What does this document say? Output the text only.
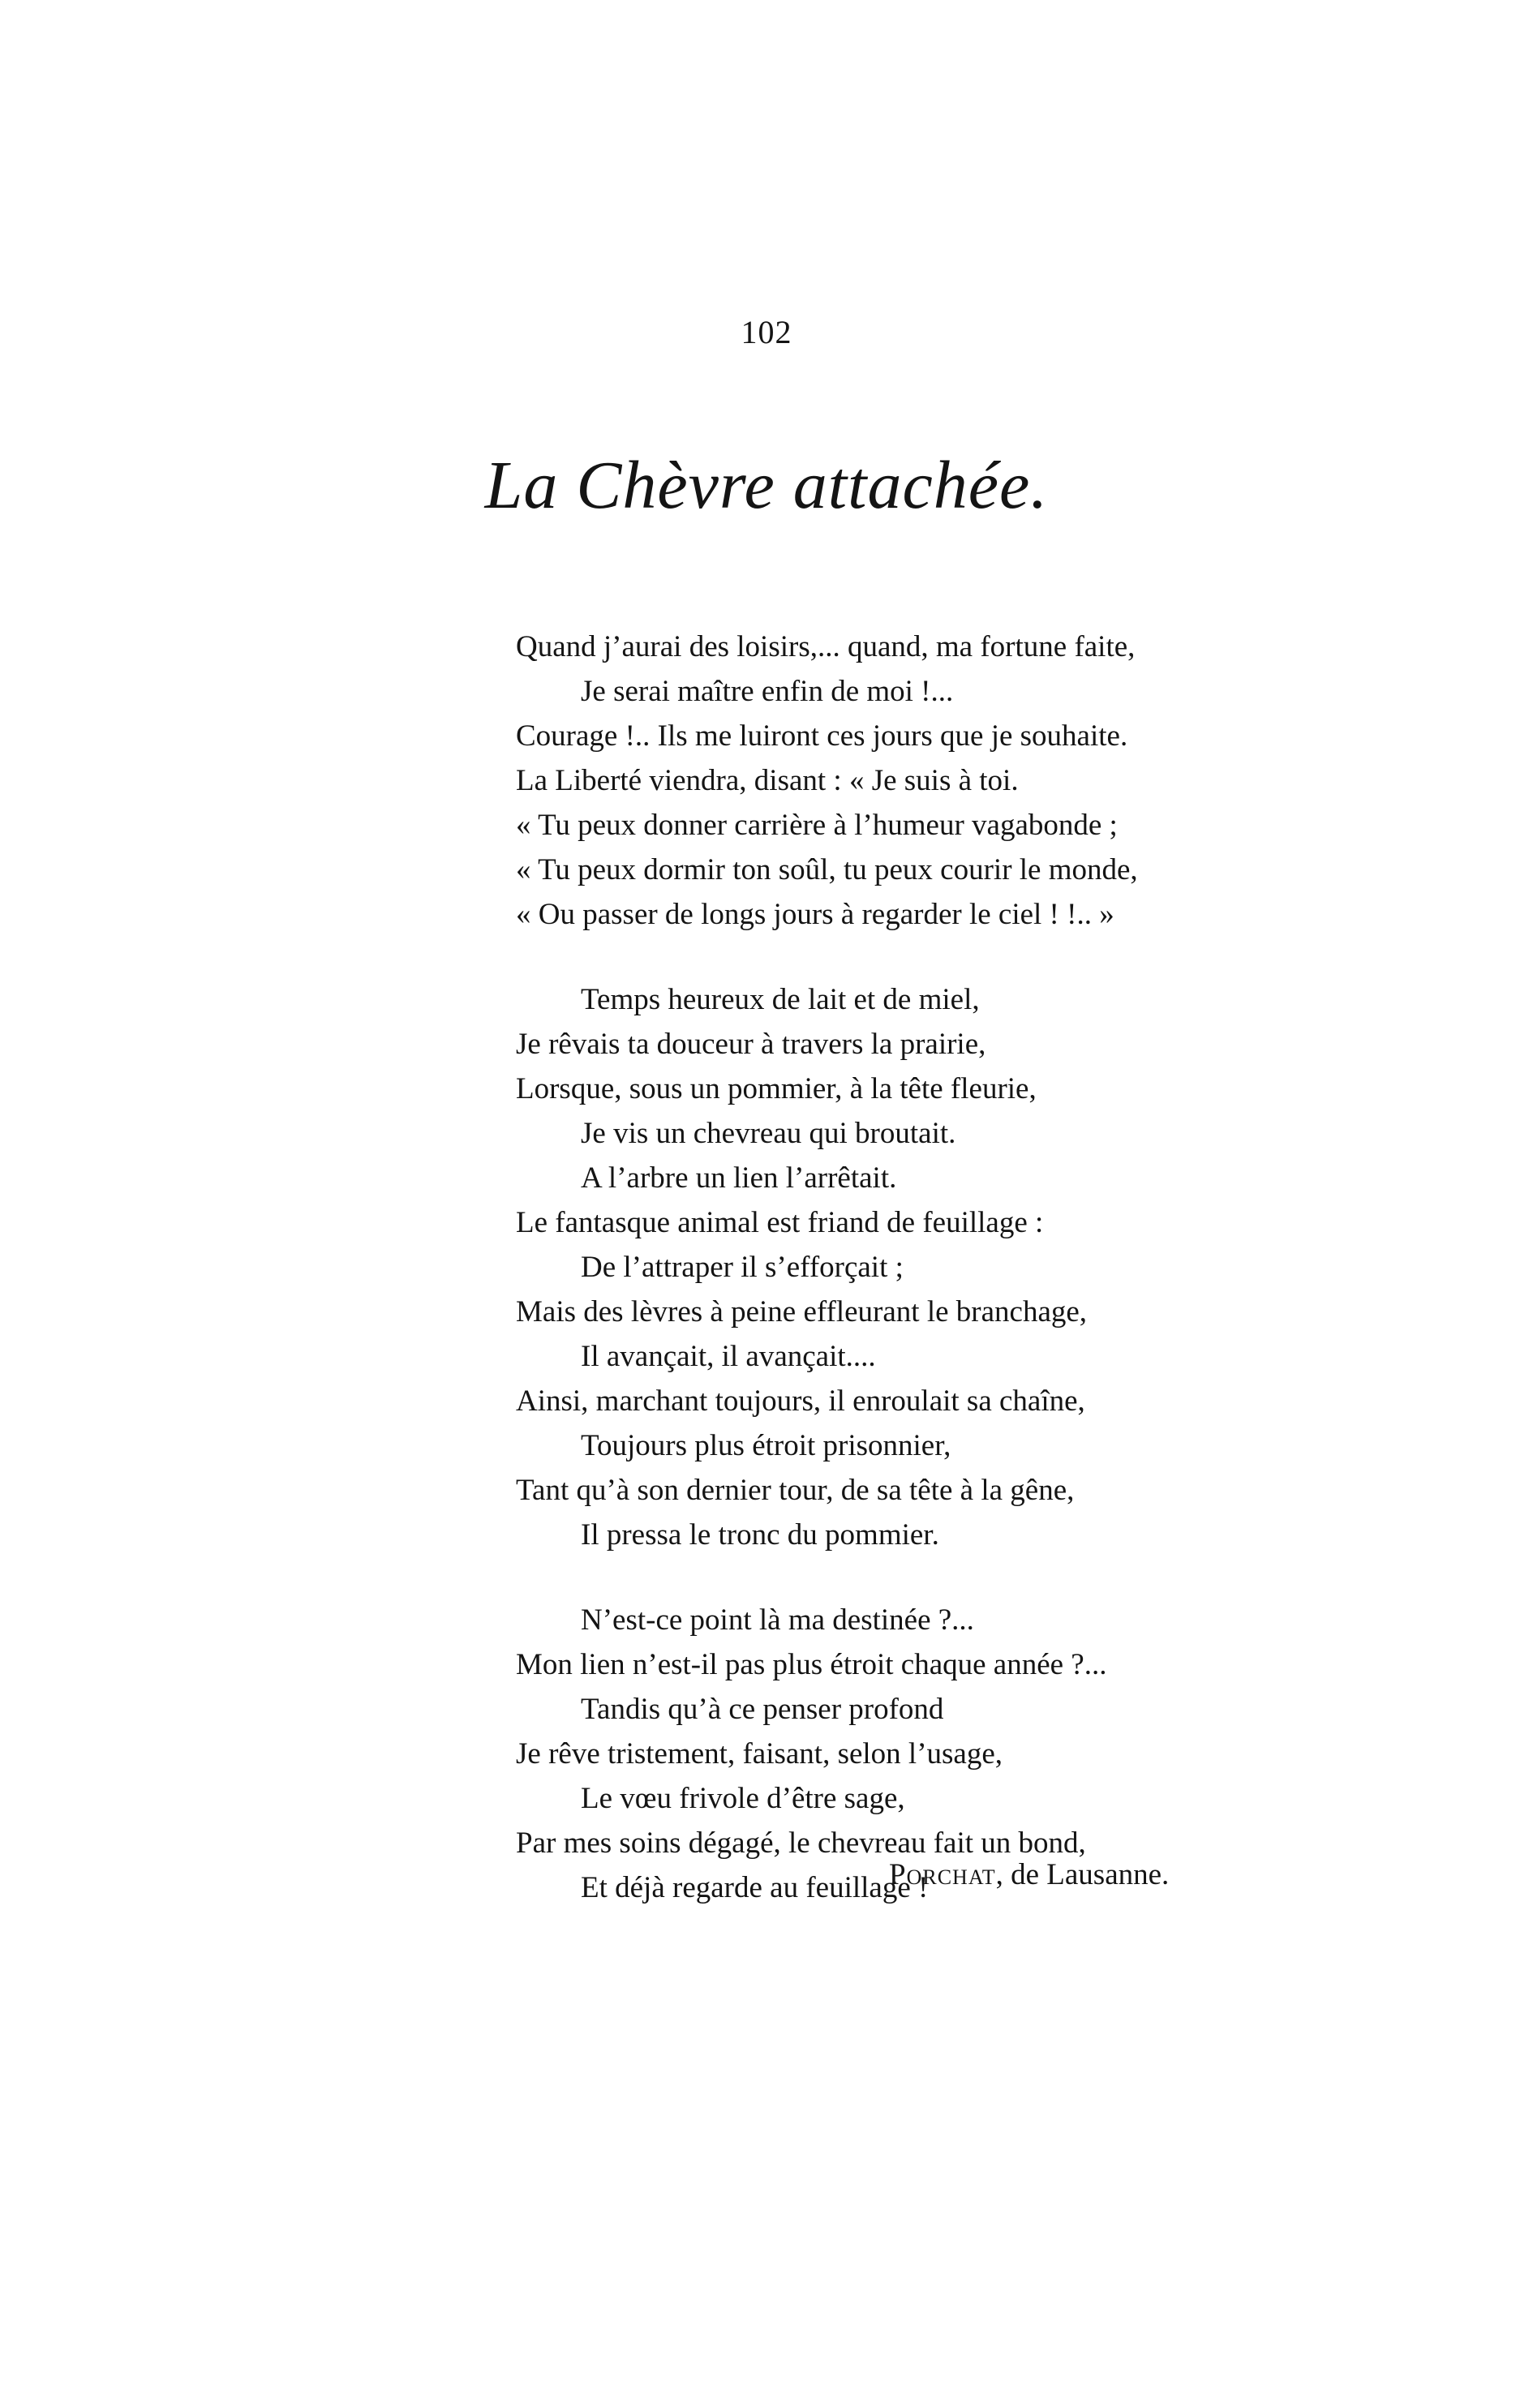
102
La Chèvre attachée.
Quand j’aurai des loisirs,... quand, ma fortune faite,
Je serai maître enfin de moi !...
Courage !.. Ils me luiront ces jours que je souhaite.
La Liberté viendra, disant : « Je suis à toi.
« Tu peux donner carrière à l’humeur vagabonde ;
« Tu peux dormir ton soûl, tu peux courir le monde,
« Ou passer de longs jours à regarder le ciel ! !.. »
Temps heureux de lait et de miel,
Je rêvais ta douceur à travers la prairie,
Lorsque, sous un pommier, à la tête fleurie,
Je vis un chevreau qui broutait.
A l’arbre un lien l’arrêtait.
Le fantasque animal est friand de feuillage :
De l’attraper il s’efforçait ;
Mais des lèvres à peine effleurant le branchage,
Il avançait, il avançait....
Ainsi, marchant toujours, il enroulait sa chaîne,
Toujours plus étroit prisonnier,
Tant qu’à son dernier tour, de sa tête à la gêne,
Il pressa le tronc du pommier.
N’est-ce point là ma destinée ?...
Mon lien n’est-il pas plus étroit chaque année ?...
Tandis qu’à ce penser profond
Je rêve tristement, faisant, selon l’usage,
Le vœu frivole d’être sage,
Par mes soins dégagé, le chevreau fait un bond,
Et déjà regarde au feuillage !
Porchat, de Lausanne.
